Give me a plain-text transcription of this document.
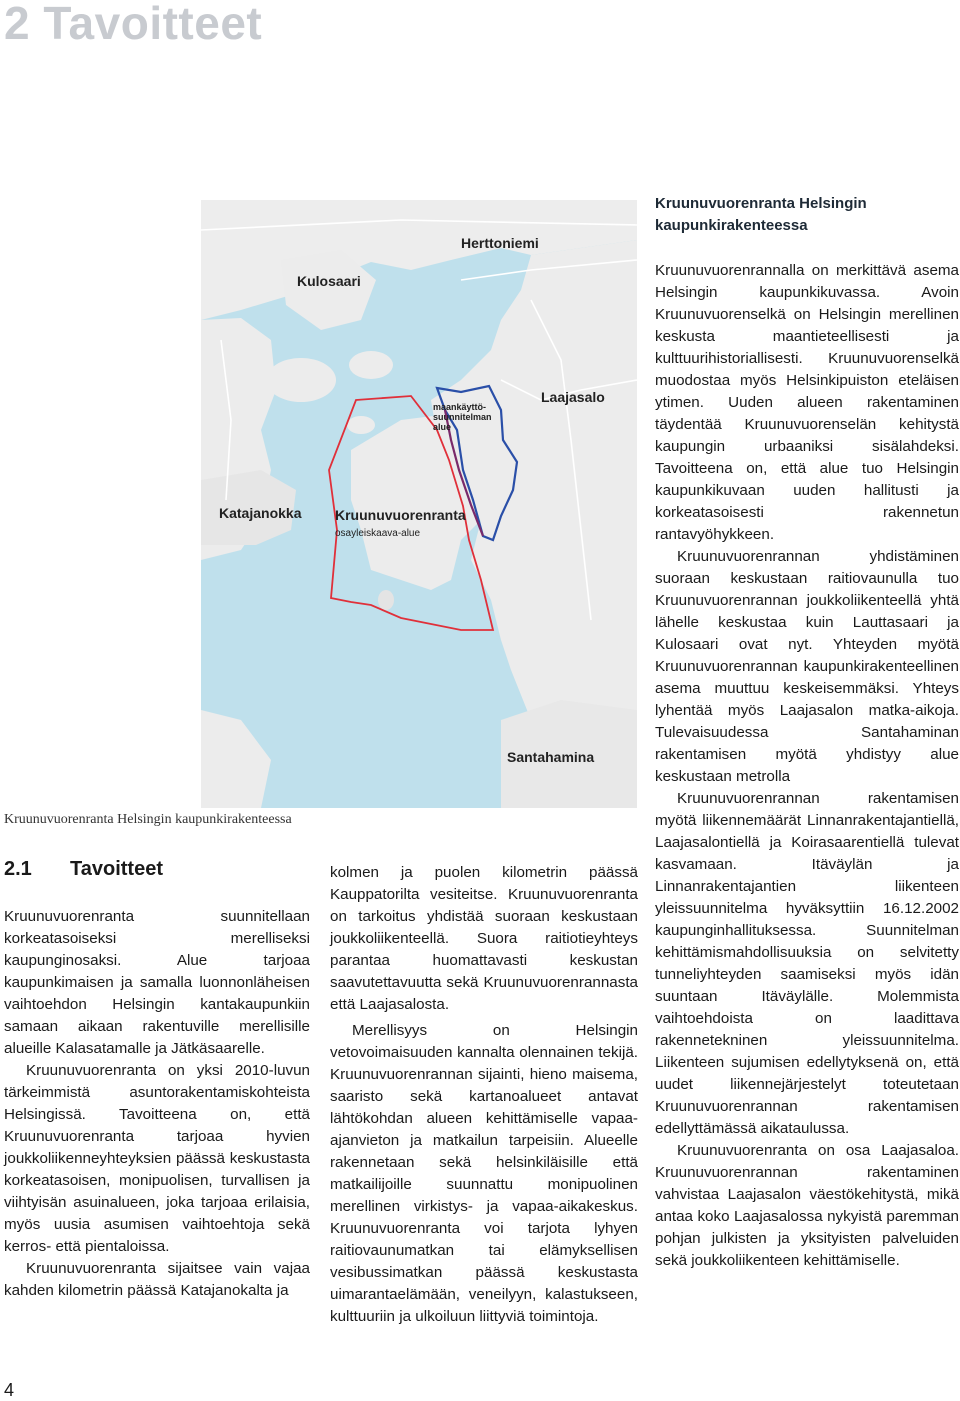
2 Tavoitteet
Kruunuvuorenranta Helsingin kaupunkirakenteessa
Herttoniemi
Kulosaari
Laajasalo
Katajanokka Kruunuvuorenranta
osayleiskaava-alue
maankäyttö-
suunnitelman
alue
Santahamina
Kruunuvuorenranta Helsingin kaupunkirakenteessa
2.1 Tavoitteet

Kruunuvuorenranta suunnitellaan korkeatasoiseksi merelliseksi kaupunginosaksi. Alue tarjoaa kaupunkimaisen ja samalla luonnonläheisen vaihtoehdon Helsingin kantakaupunkiin samaan aikaan rakentuville merellisille alueille Kalasatamalle ja Jätkäsaarelle.

Kruunuvuorenranta on yksi 2010-luvun tärkeimmistä asuntorakentamiskohteista Helsingissä. Tavoitteena on, että Kruunuvuorenranta tarjoaa hyvien joukkoliikenneyhteyksien päässä keskustasta korkeatasoisen, monipuolisen, turvallisen ja viihtyisän asuinalueen, joka tarjoaa erilaisia, myös uusia asumisen vaihtoehtoja sekä kerros- että pientaloissa.

Kruunuvuorenranta sijaitsee vain vajaa kahden kilometrin päässä Katajanokalta ja

kolmen ja puolen kilometrin päässä Kauppatorilta vesiteitse. Kruunuvuorenranta on tarkoitus yhdistää suoraan keskustaan joukkoliikenteellä. Suora raitiotieyhteys parantaa huomattavasti keskustan saavutettavuutta sekä Kruunuvuorenrannasta että Laajasalosta.

Merellisyys on Helsingin vetovoimaisuuden kannalta olennainen tekijä. Kruunuvuorenrannan sijainti, hieno maisema, saaristo sekä kartanoalueet antavat lähtökohdan alueen kehittämiselle vapaa-ajanvieton ja matkailun tarpeisiin. Alueelle rakennetaan sekä helsinkiläisille että matkailijoille suunnattu monipuolinen merellinen virkistys- ja vapaa-aikakeskus. Kruunuvuorenranta voi tarjota lyhyen raitiovaunumatkan tai elämyksellisen vesibussimatkan päässä keskustasta uimarantaelämään, veneilyyn, kalastukseen, kulttuuriin ja ulkoiluun liittyviä toimintoja.

Kruunuvuorenrannalla on merkittävä asema Helsingin kaupunkikuvassa. Avoin Kruunuvuorenselkä on Helsingin merellinen keskusta maantieteellisesti ja kulttuurihistoriallisesti. Kruunuvuorenselkä muodostaa myös Helsinkipuiston eteläisen ytimen. Uuden alueen rakentaminen täydentää Kruunuvuorenselän kehitystä kaupungin urbaaniksi sisälahdeksi. Tavoitteena on, että alue tuo Helsingin kaupunkikuvaan uuden hallitusti ja korkeatasoisesti rakennetun rantavyöhykkeen.

Kruunuvuorenrannan yhdistäminen suoraan keskustaan raitiovaunulla tuo Kruunuvuorenrannan joukkoliikenteellä yhtä lähelle keskustaa kuin Lauttasaari ja Kulosaari ovat nyt. Yhteyden myötä Kruunuvuorenrannan kaupunkirakenteellinen asema muuttuu keskeisemmäksi. Yhteys lyhentää myös Laajasalon matka-aikoja. Tulevaisuudessa Santahaminan rakentamisen myötä yhdistyy alue keskustaan metrolla

Kruunuvuorenrannan rakentamisen myötä liikennemäärät Linnanrakentajantiellä, Laajasalontiellä ja Koirasaarentiellä tulevat kasvamaan. Itäväylän ja Linnanrakentajantien liikenteen yleissuunnitelma hyväksyttiin 16.12.2002 kaupunginhallituksessa. Suunnitelman kehittämismahdollisuuksia on selvitetty tunneliyhteyden saamiseksi myös idän suuntaan Itäväylälle. Molemmista vaihtoehdoista on laadittava rakennetekninen yleissuunnitelma. Liikenteen sujumisen edellytyksenä on, että uudet liikennejärjestelyt toteutetaan Kruunuvuorenrannan rakentamisen edellyttämässä aikataulussa.

Kruunuvuorenranta on osa Laajasaloa. Kruunuvuorenrannan rakentaminen vahvistaa Laajasalon väestökehitystä, mikä antaa koko Laajasalossa nykyistä paremman pohjan julkisten ja yksityisten palveluiden sekä joukkoliikenteen kehittämiselle.

4
